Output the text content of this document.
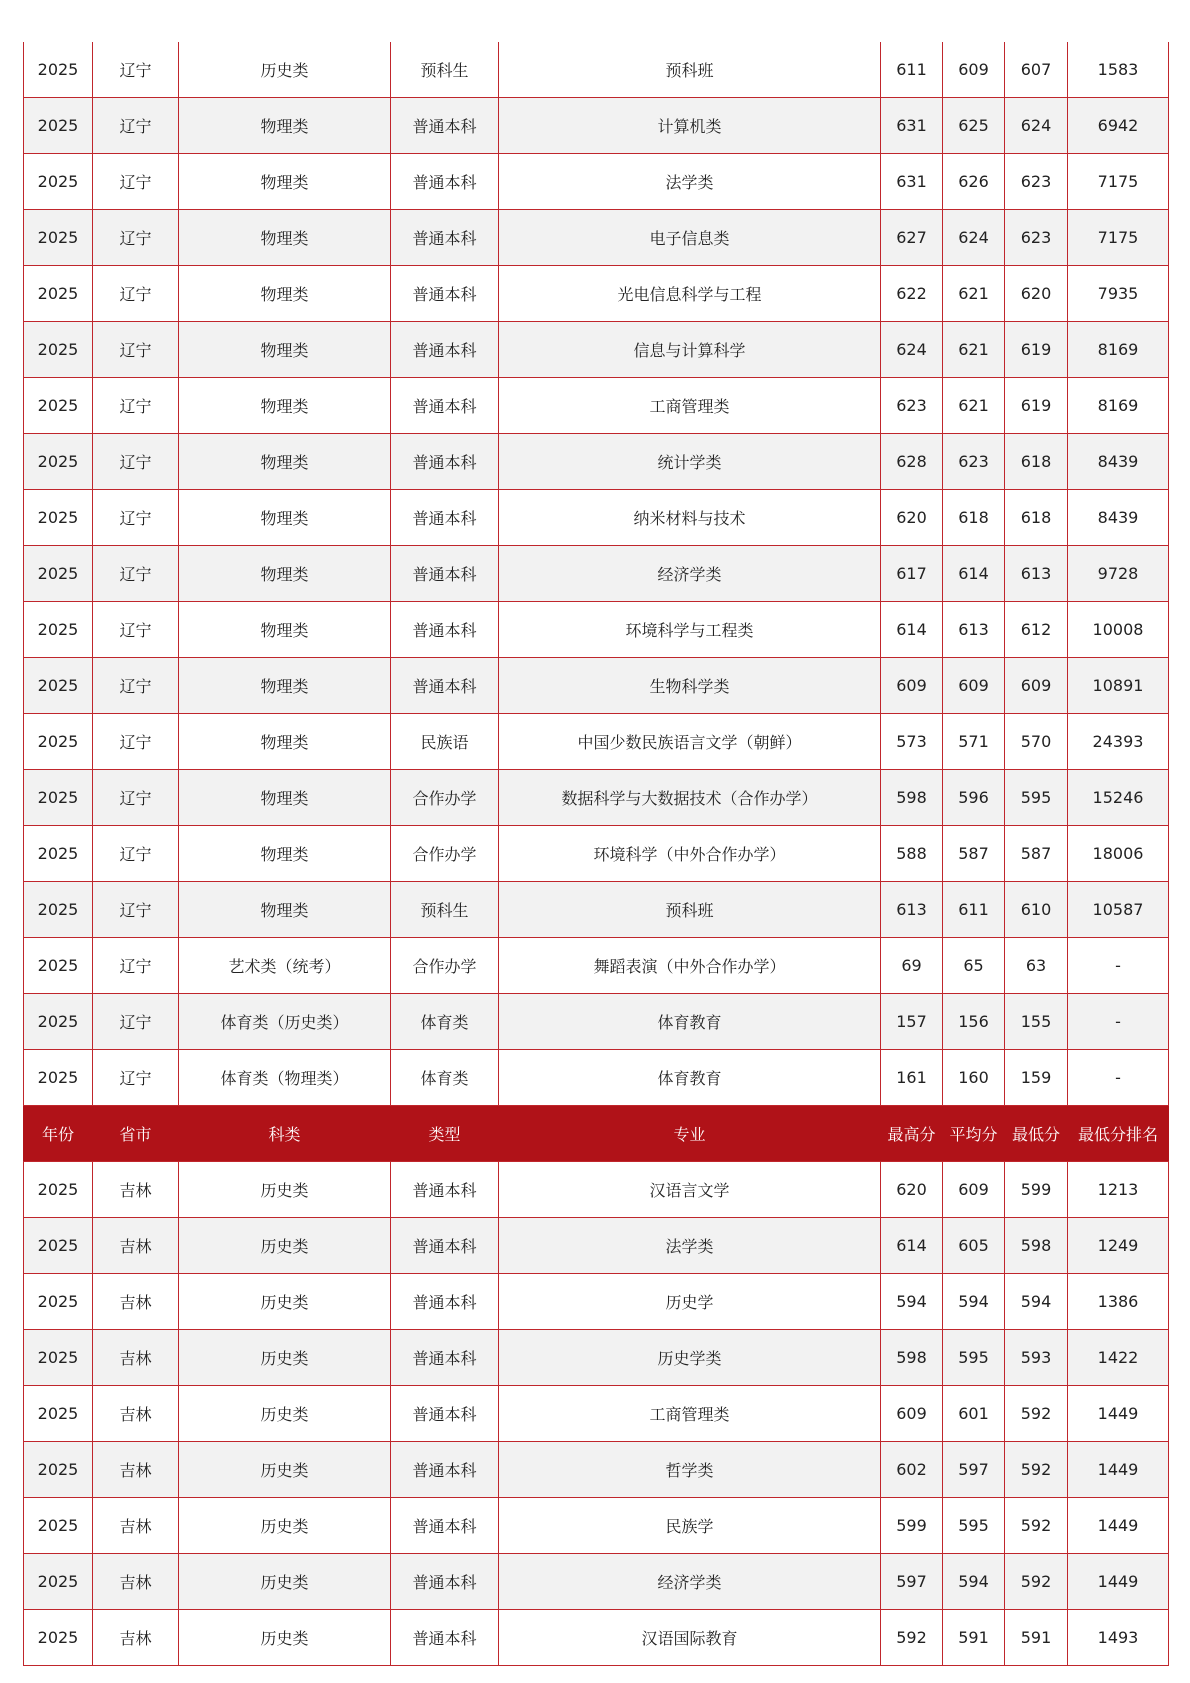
2025	辽宁	历史类	预科生	预科班	611	609	607	1583
2025	辽宁	物理类	普通本科	计算机类	631	625	624	6942
2025	辽宁	物理类	普通本科	法学类	631	626	623	7175
2025	辽宁	物理类	普通本科	电子信息类	627	624	623	7175
2025	辽宁	物理类	普通本科	光电信息科学与工程	622	621	620	7935
2025	辽宁	物理类	普通本科	信息与计算科学	624	621	619	8169
2025	辽宁	物理类	普通本科	工商管理类	623	621	619	8169
2025	辽宁	物理类	普通本科	统计学类	628	623	618	8439
2025	辽宁	物理类	普通本科	纳米材料与技术	620	618	618	8439
2025	辽宁	物理类	普通本科	经济学类	617	614	613	9728
2025	辽宁	物理类	普通本科	环境科学与工程类	614	613	612	10008
2025	辽宁	物理类	普通本科	生物科学类	609	609	609	10891
2025	辽宁	物理类	民族语	中国少数民族语言文学（朝鲜）	573	571	570	24393
2025	辽宁	物理类	合作办学	数据科学与大数据技术（合作办学）	598	596	595	15246
2025	辽宁	物理类	合作办学	环境科学（中外合作办学）	588	587	587	18006
2025	辽宁	物理类	预科生	预科班	613	611	610	10587
2025	辽宁	艺术类（统考）	合作办学	舞蹈表演（中外合作办学）	69	65	63	-
2025	辽宁	体育类（历史类）	体育类	体育教育	157	156	155	-
2025	辽宁	体育类（物理类）	体育类	体育教育	161	160	159	-
年份	省市	科类	类型	专业	最高分	平均分	最低分	最低分排名
2025	吉林	历史类	普通本科	汉语言文学	620	609	599	1213
2025	吉林	历史类	普通本科	法学类	614	605	598	1249
2025	吉林	历史类	普通本科	历史学	594	594	594	1386
2025	吉林	历史类	普通本科	历史学类	598	595	593	1422
2025	吉林	历史类	普通本科	工商管理类	609	601	592	1449
2025	吉林	历史类	普通本科	哲学类	602	597	592	1449
2025	吉林	历史类	普通本科	民族学	599	595	592	1449
2025	吉林	历史类	普通本科	经济学类	597	594	592	1449
2025	吉林	历史类	普通本科	汉语国际教育	592	591	591	1493
